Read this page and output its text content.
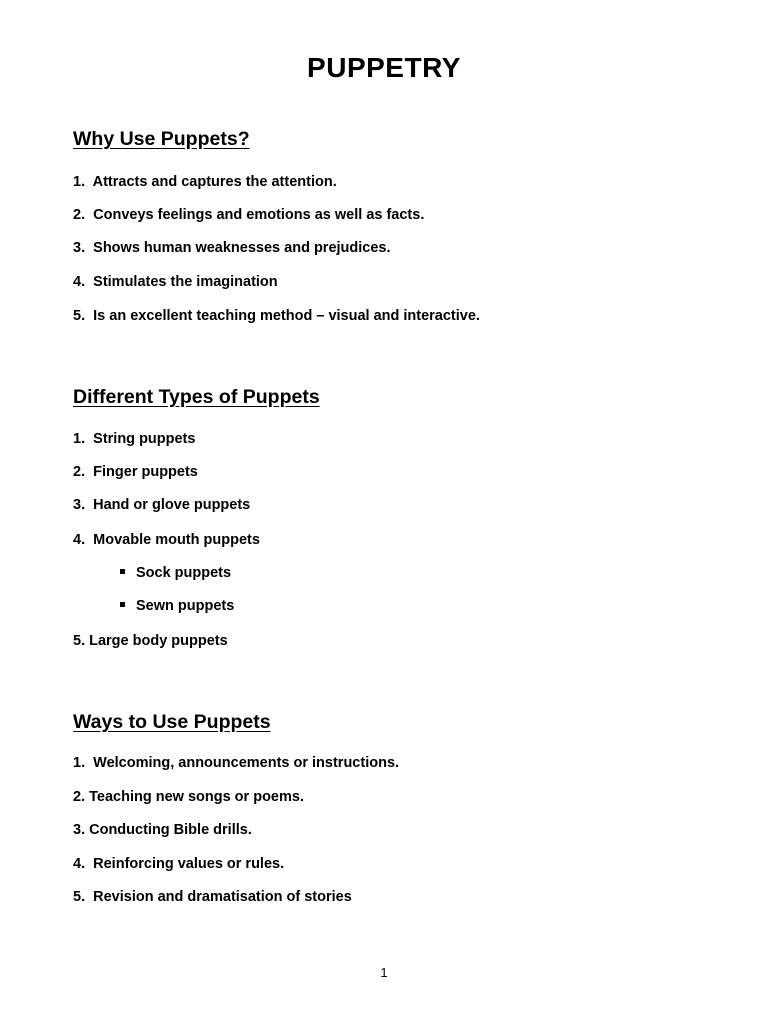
PUPPETRY
Why Use Puppets?
1.  Attracts and captures the attention.
2.  Conveys feelings and emotions as well as facts.
3.  Shows human weaknesses and prejudices.
4.  Stimulates the imagination
5.  Is an excellent teaching method – visual and interactive.
Different Types of Puppets
1.  String puppets
2.  Finger puppets
3.  Hand or glove puppets
4.  Movable mouth puppets
Sock puppets
Sewn puppets
5. Large body puppets
Ways to Use Puppets
1.  Welcoming, announcements or instructions.
2. Teaching new songs or poems.
3. Conducting Bible drills.
4.  Reinforcing values or rules.
5.  Revision and dramatisation of stories
1
